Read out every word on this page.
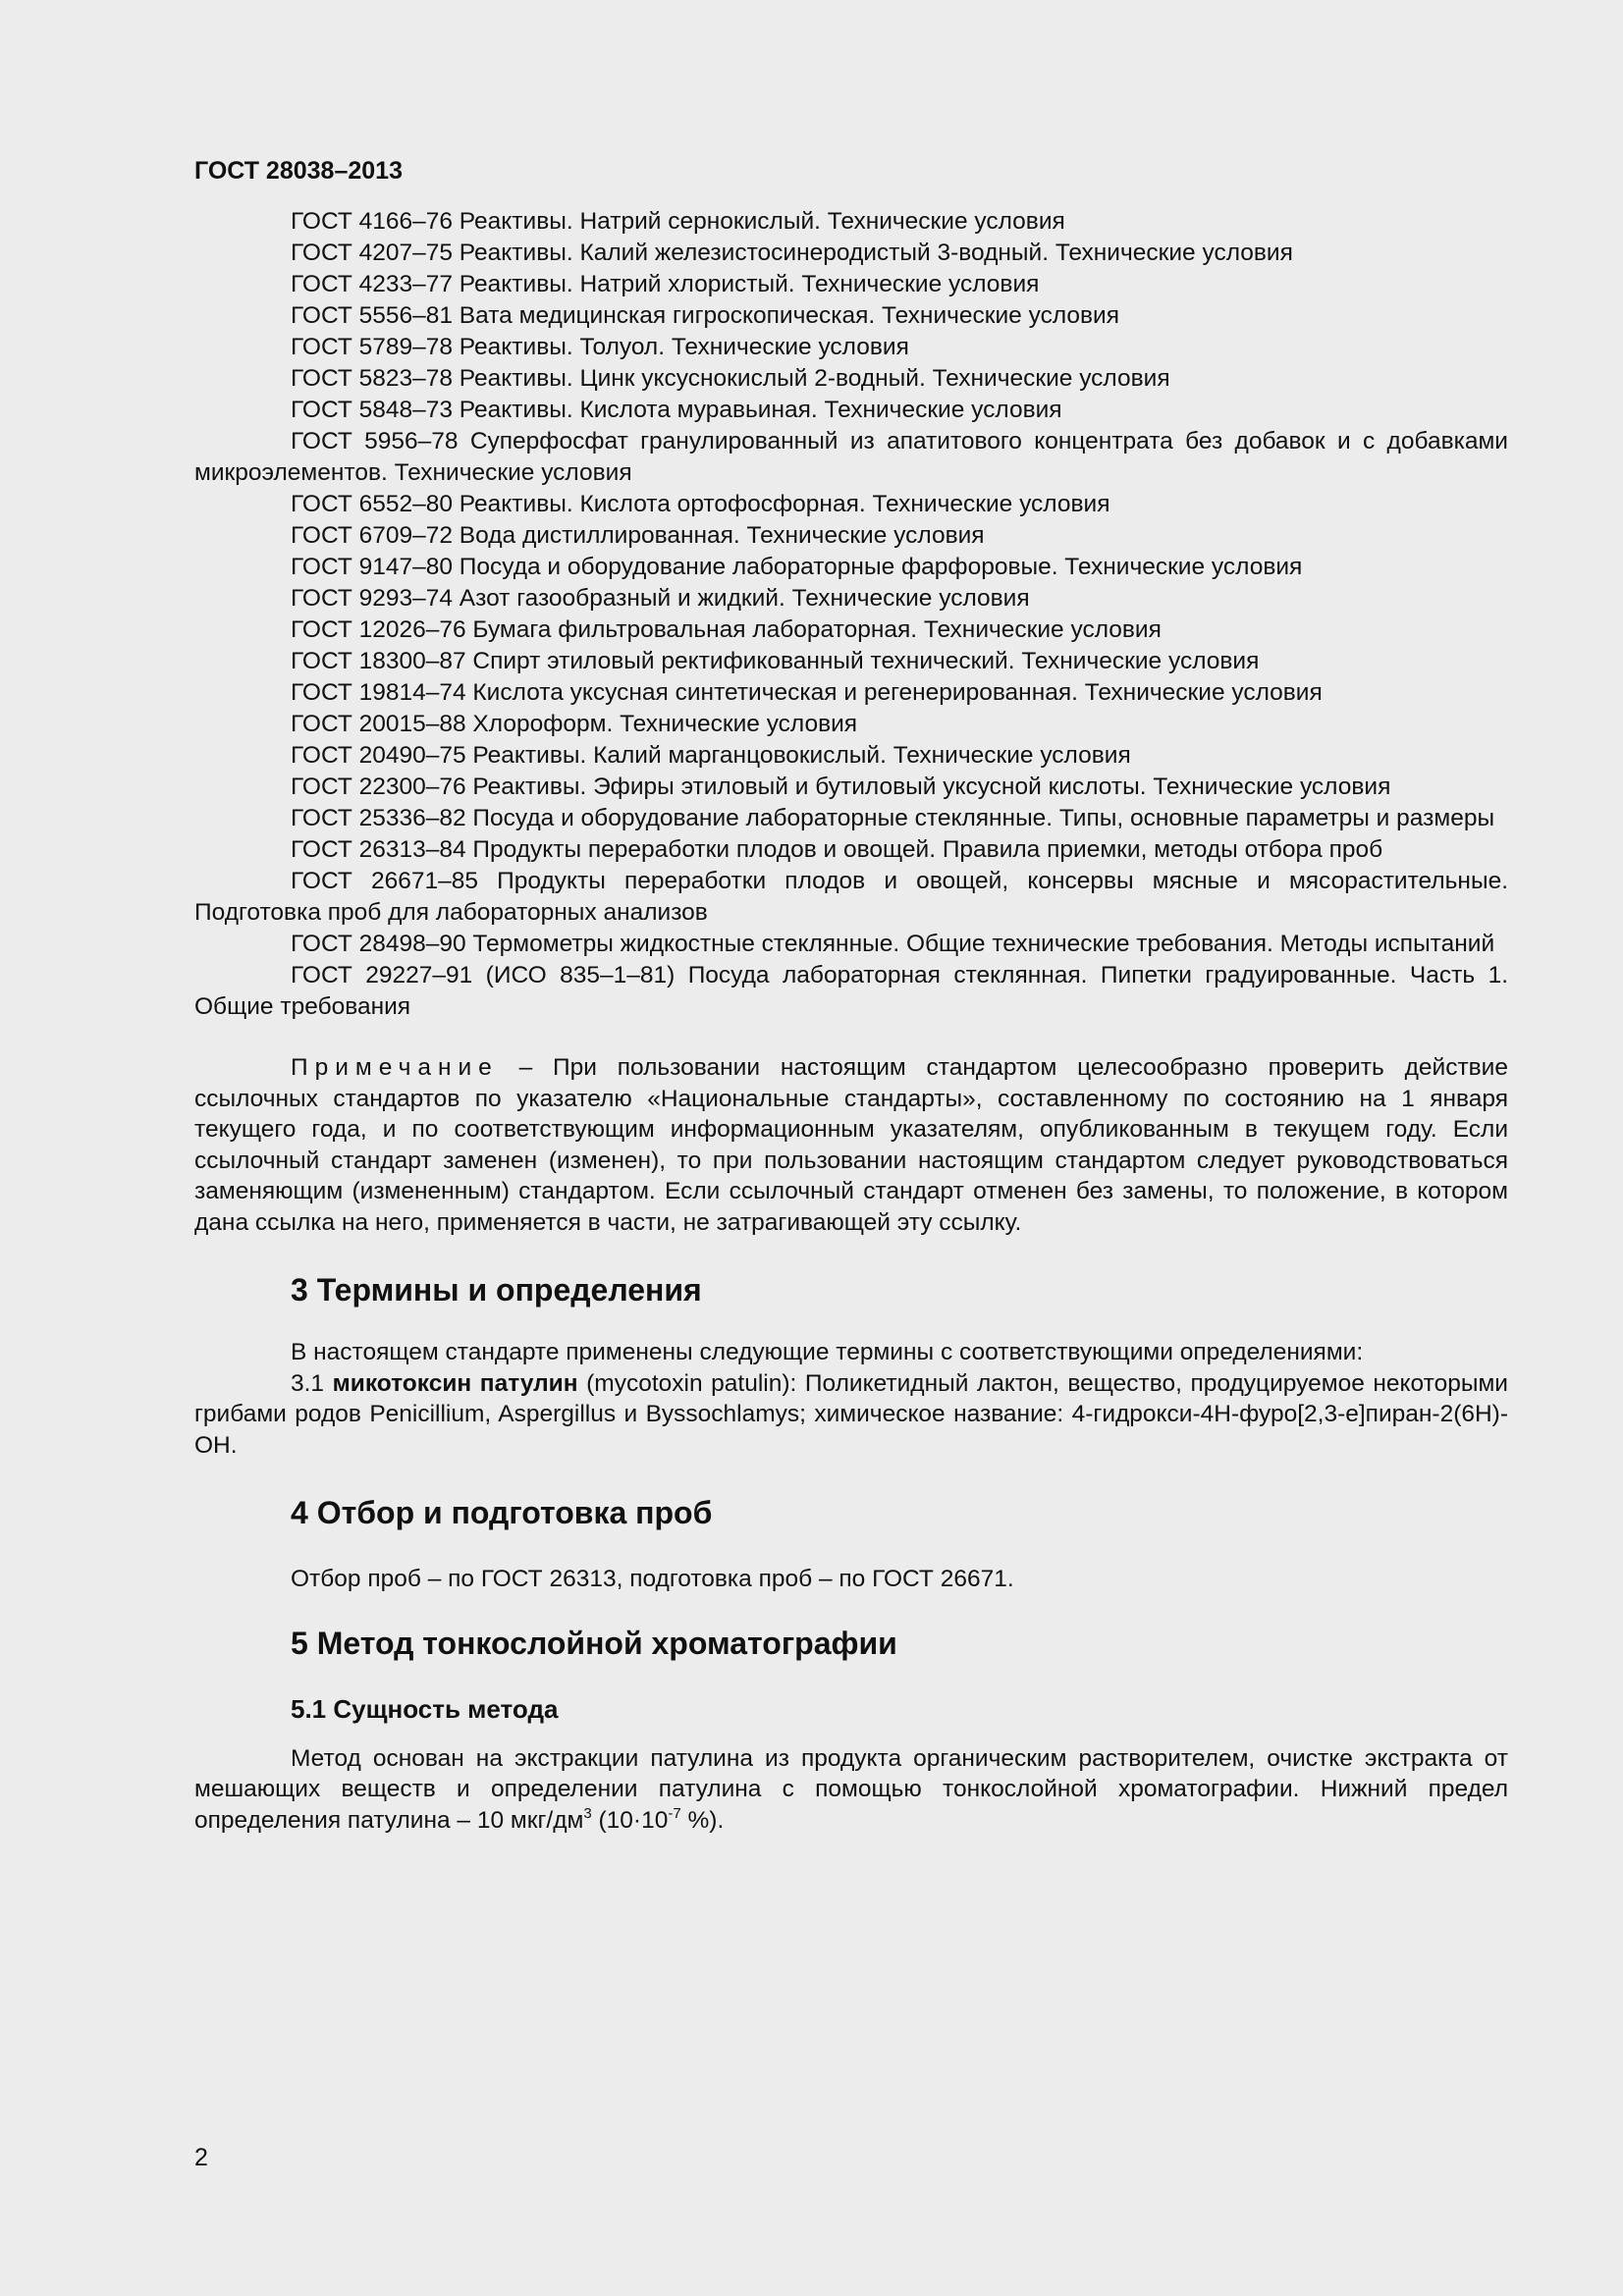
ГОСТ 28038–2013

ГОСТ 4166–76 Реактивы. Натрий сернокислый. Технические условия

ГОСТ 4207–75 Реактивы. Калий железистосинеродистый 3-водный. Технические условия

ГОСТ 4233–77 Реактивы. Натрий хлористый. Технические условия

ГОСТ 5556–81 Вата медицинская гигроскопическая. Технические условия

ГОСТ 5789–78 Реактивы. Толуол. Технические условия

ГОСТ 5823–78 Реактивы. Цинк уксуснокислый 2-водный. Технические условия

ГОСТ 5848–73 Реактивы. Кислота муравьиная. Технические условия

ГОСТ 5956–78 Суперфосфат гранулированный из апатитового концентрата без добавок и с добавками микроэлементов. Технические условия

ГОСТ 6552–80 Реактивы. Кислота ортофосфорная. Технические условия

ГОСТ 6709–72 Вода дистиллированная. Технические условия

ГОСТ 9147–80 Посуда и оборудование лабораторные фарфоровые. Технические условия

ГОСТ 9293–74 Азот газообразный и жидкий. Технические условия

ГОСТ 12026–76 Бумага фильтровальная лабораторная. Технические условия

ГОСТ 18300–87 Спирт этиловый ректификованный технический. Технические условия

ГОСТ 19814–74 Кислота уксусная синтетическая и регенерированная. Технические условия

ГОСТ 20015–88 Хлороформ. Технические условия

ГОСТ 20490–75 Реактивы. Калий марганцовокислый. Технические условия

ГОСТ 22300–76 Реактивы. Эфиры этиловый и бутиловый уксусной кислоты. Технические условия

ГОСТ 25336–82 Посуда и оборудование лабораторные стеклянные. Типы, основные параметры и размеры

ГОСТ 26313–84 Продукты переработки плодов и овощей. Правила приемки, методы отбора проб

ГОСТ 26671–85 Продукты переработки плодов и овощей, консервы мясные и мясорастительные. Подготовка проб для лабораторных анализов

ГОСТ 28498–90 Термометры жидкостные стеклянные. Общие технические требования. Методы испытаний

ГОСТ 29227–91 (ИСО 835–1–81) Посуда лабораторная стеклянная. Пипетки градуированные. Часть 1. Общие требования

Примечание – При пользовании настоящим стандартом целесообразно проверить действие ссылочных стандартов по указателю «Национальные стандарты», составленному по состоянию на 1 января текущего года, и по соответствующим информационным указателям, опубликованным в текущем году. Если ссылочный стандарт заменен (изменен), то при пользовании настоящим стандартом следует руководствоваться заменяющим (измененным) стандартом. Если ссылочный стандарт отменен без замены, то положение, в котором дана ссылка на него, применяется в части, не затрагивающей эту ссылку.

3 Термины и определения

В настоящем стандарте применены следующие термины с соответствующими определениями:

3.1 микотоксин патулин (mycotoxin patulin): Поликетидный лактон, вещество, продуцируемое некоторыми грибами родов Penicillium, Aspergillus и Byssochlamys; химическое название: 4-гидрокси-4Н-фуро[2,3-е]пиран-2(6Н)-ОН.

4 Отбор и подготовка проб

Отбор проб – по ГОСТ 26313, подготовка проб – по ГОСТ 26671.

5 Метод тонкослойной хроматографии
5.1 Сущность метода

Метод основан на экстракции патулина из продукта органическим растворителем, очистке экстракта от мешающих веществ и определении патулина с помощью тонкослойной хроматографии. Нижний предел определения патулина – 10 мкг/$дм^3$ ($10\cdot 10^{-7}$ %).

2
